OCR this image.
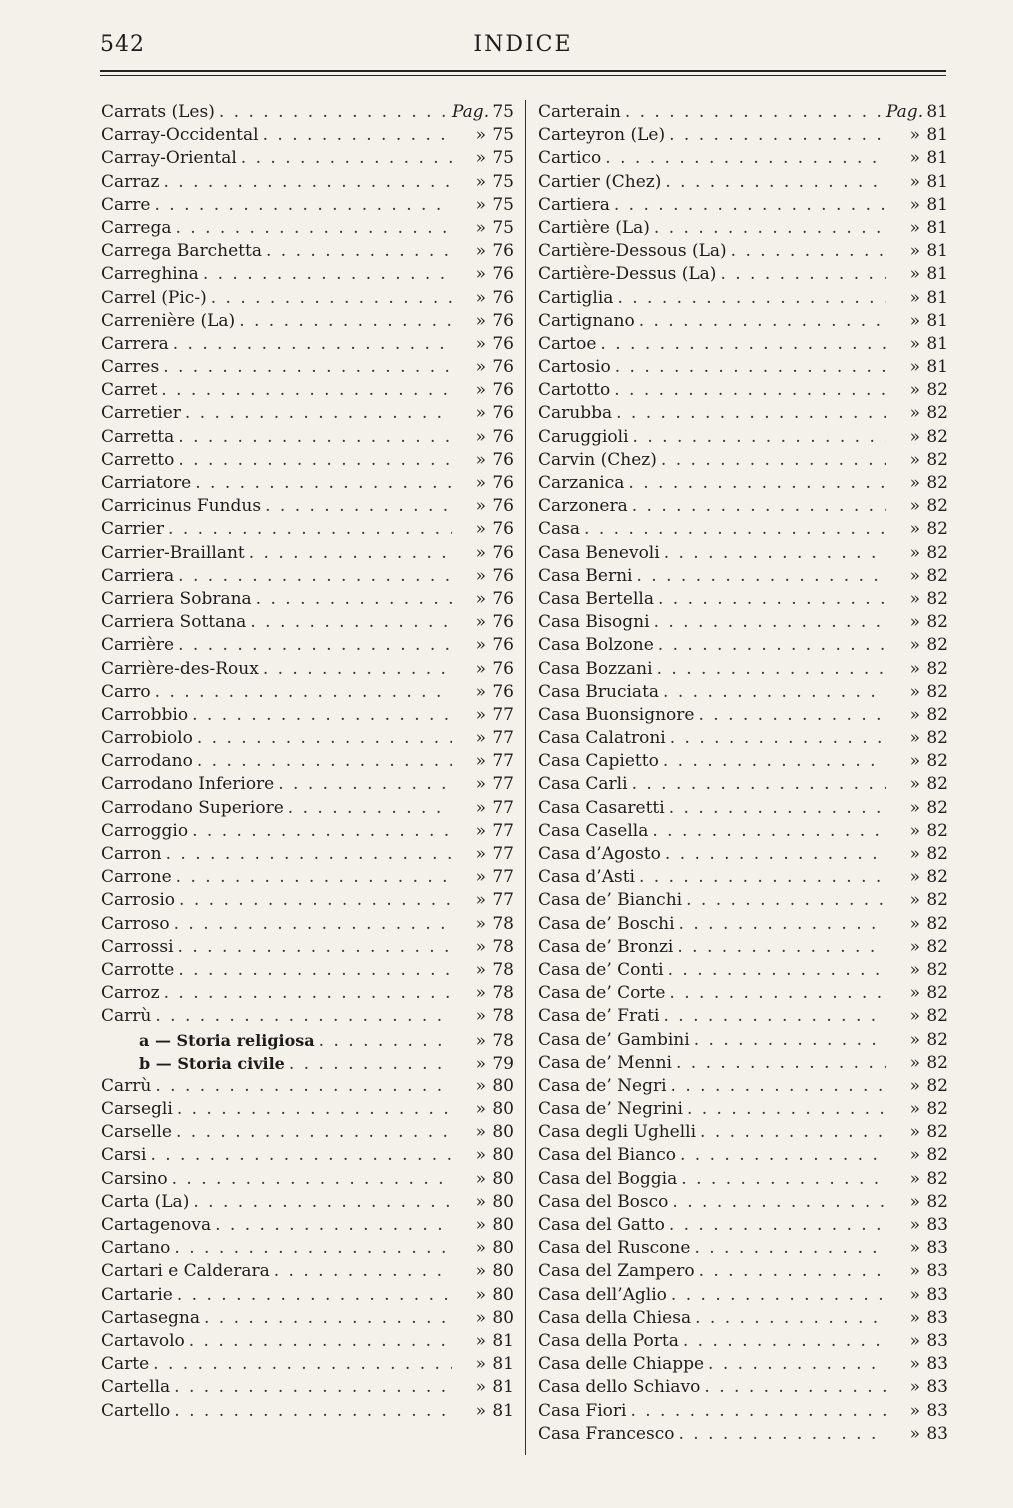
INDICE
542
Carrats (Les) . . .	Pag. 75
Carray-Occidental . . .	» 75
Carray-Oriental . . .	» 75
Carraz . . .	» 75
Carre . . .	» 75
Carrega . . .	» 75
Carrega Barchetta . . .	» 76
Carreghina . . .	» 76
Carrel (Pic-) . . .	» 76
Carrenière (La) . . .	» 76
Carrera . . .	» 76
Carres . . .	» 76
Carret . . .	» 76
Carretier . . .	» 76
Carretta . . .	» 76
Carretto . . .	» 76
Carriatore . . .	» 76
Carricinus Fundus . . .	» 76
Carrier . . .	» 76
Carrier-Braillant . . .	» 76
Carriera . . .	» 76
Carriera Sobrana . . .	» 76
Carriera Sottana . . .	» 76
Carrière . . .	» 76
Carrière-des-Roux . . .	» 76
Carro . . .	» 76
Carrobbio . . .	» 77
Carrobiolo . . .	» 77
Carrodano . . .	» 77
Carrodano Inferiore . . .	» 77
Carrodano Superiore . . .	» 77
Carroggio . . .	» 77
Carron . . .	» 77
Carrone . . .	» 77
Carrosio . . .	» 77
Carroso . . .	» 78
Carrossi . . .	» 78
Carrotte . . .	» 78
Carroz . . .	» 78
Carrù . . .	» 78
a — Storia religiosa . . .	» 78
b — Storia civile . . .	» 79
Carrù . . .	» 80
Carsegli . . .	» 80
Carselle . . .	» 80
Carsi . . .	» 80
Carsino . . .	» 80
Carta (La) . . .	» 80
Cartagenova . . .	» 80
Cartano . . .	» 80
Cartari e Calderara . . .	» 80
Cartarie . . .	» 80
Cartasegna . . .	» 80
Cartavolo . . .	» 81
Carte . . .	» 81
Cartella . . .	» 81
Cartello . . .	» 81
Carterain . . .	Pag. 81
Carteyron (Le) . . .	» 81
Cartico . . .	» 81
Cartier (Chez) . . .	» 81
Cartiera . . .	» 81
Cartière (La) . . .	» 81
Cartière-Dessous (La) . . .	» 81
Cartière-Dessus (La) . . .	» 81
Cartiglia . . .	» 81
Cartignano . . .	» 81
Cartoe . . .	» 81
Cartosio . . .	» 81
Cartotto . . .	» 82
Carubba . . .	» 82
Caruggioli . . .	» 82
Carvin (Chez) . . .	» 82
Carzanica . . .	» 82
Carzonera . . .	» 82
Casa . . .	» 82
Casa Benevoli . . .	» 82
Casa Berni . . .	» 82
Casa Bertella . . .	» 82
Casa Bisogni . . .	» 82
Casa Bolzone . . .	» 82
Casa Bozzani . . .	» 82
Casa Bruciata . . .	» 82
Casa Buonsignore . . .	» 82
Casa Calatroni . . .	» 82
Casa Capietto . . .	» 82
Casa Carli . . .	» 82
Casa Casaretti . . .	» 82
Casa Casella . . .	» 82
Casa d’Agosto . . .	» 82
Casa d’Asti . . .	» 82
Casa de’ Bianchi . . .	» 82
Casa de’ Boschi . . .	» 82
Casa de’ Bronzi . . .	» 82
Casa de’ Conti . . .	» 82
Casa de’ Corte . . .	» 82
Casa de’ Frati . . .	» 82
Casa de’ Gambini . . .	» 82
Casa de’ Menni . . .	» 82
Casa de’ Negri . . .	» 82
Casa de’ Negrini . . .	» 82
Casa degli Ughelli . . .	» 82
Casa del Bianco . . .	» 82
Casa del Boggia . . .	» 82
Casa del Bosco . . .	» 82
Casa del Gatto . . .	» 83
Casa del Ruscone . . .	» 83
Casa del Zampero . . .	» 83
Casa dell’Aglio . . .	» 83
Casa della Chiesa . . .	» 83
Casa della Porta . . .	» 83
Casa delle Chiappe . . .	» 83
Casa dello Schiavo . . .	» 83
Casa Fiori . . .	» 83
Casa Francesco . . .	» 83
